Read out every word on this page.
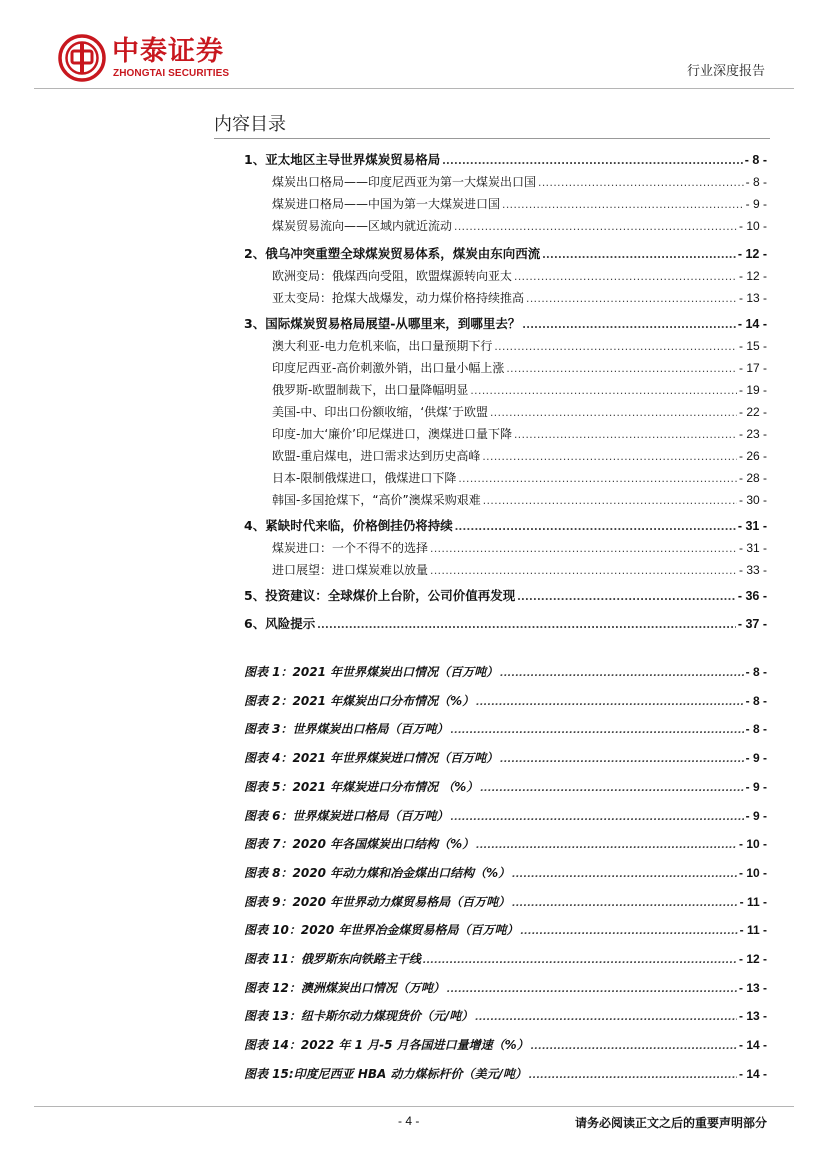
中泰证券
ZHONGTAI SECURITIES	行业深度报告
内容目录
1、亚太地区主导世界煤炭贸易格局 .....	- 8 -
煤炭出口格局——印度尼西亚为第一大煤炭出口国 .....	- 8 -
煤炭进口格局——中国为第一大煤炭进口国 .....	- 9 -
煤炭贸易流向——区域内就近流动 .....	- 10 -
2、俄乌冲突重塑全球煤炭贸易体系，煤炭由东向西流 .....	- 12 -
欧洲变局：俄煤西向受阻，欧盟煤源转向亚太 .....	- 12 -
亚太变局：抢煤大战爆发，动力煤价格持续推高 .....	- 13 -
3、国际煤炭贸易格局展望-从哪里来，到哪里去？ .....	- 14 -
澳大利亚-电力危机来临，出口量预期下行 .....	- 15 -
印度尼西亚-高价刺激外销，出口量小幅上涨 .....	- 17 -
俄罗斯-欧盟制裁下，出口量降幅明显 .....	- 19 -
美国-中、印出口份额收缩，‘供煤’于欧盟 .....	- 22 -
印度-加大‘廉价’印尼煤进口，澳煤进口量下降 .....	- 23 -
欧盟-重启煤电，进口需求达到历史高峰 .....	- 26 -
日本-限制俄煤进口，俄煤进口下降 .....	- 28 -
韩国-多国抢煤下，“高价”澳煤采购艰难 .....	- 30 -
4、紧缺时代来临，价格倒挂仍将持续 .....	- 31 -
煤炭进口：一个不得不的选择 .....	- 31 -
进口展望：进口煤炭难以放量 .....	- 33 -
5、投资建议：全球煤价上台阶，公司价值再发现 .....	- 36 -
6、风险提示 .....	- 37 -
图表 1：2021 年世界煤炭出口情况（百万吨） .....	- 8 -
图表 2：2021 年煤炭出口分布情况（%） .....	- 8 -
图表 3：世界煤炭出口格局（百万吨） .....	- 8 -
图表 4：2021 年世界煤炭进口情况（百万吨） .....	- 9 -
图表 5：2021 年煤炭进口分布情况 （%） .....	- 9 -
图表 6：世界煤炭进口格局（百万吨） .....	- 9 -
图表 7：2020 年各国煤炭出口结构（%） .....	- 10 -
图表 8：2020 年动力煤和冶金煤出口结构（%） .....	- 10 -
图表 9：2020 年世界动力煤贸易格局（百万吨） .....	- 11 -
图表 10：2020 年世界冶金煤贸易格局（百万吨） .....	- 11 -
图表 11：俄罗斯东向铁路主干线 .....	- 12 -
图表 12：澳洲煤炭出口情况（万吨） .....	- 13 -
图表 13：纽卡斯尔动力煤现货价（元/吨） .....	- 13 -
图表 14：2022 年 1 月-5 月各国进口量增速（%） .....	- 14 -
图表 15:印度尼西亚 HBA 动力煤标杆价（美元/吨） .....	- 14 -
- 4 -	请务必阅读正文之后的重要声明部分
